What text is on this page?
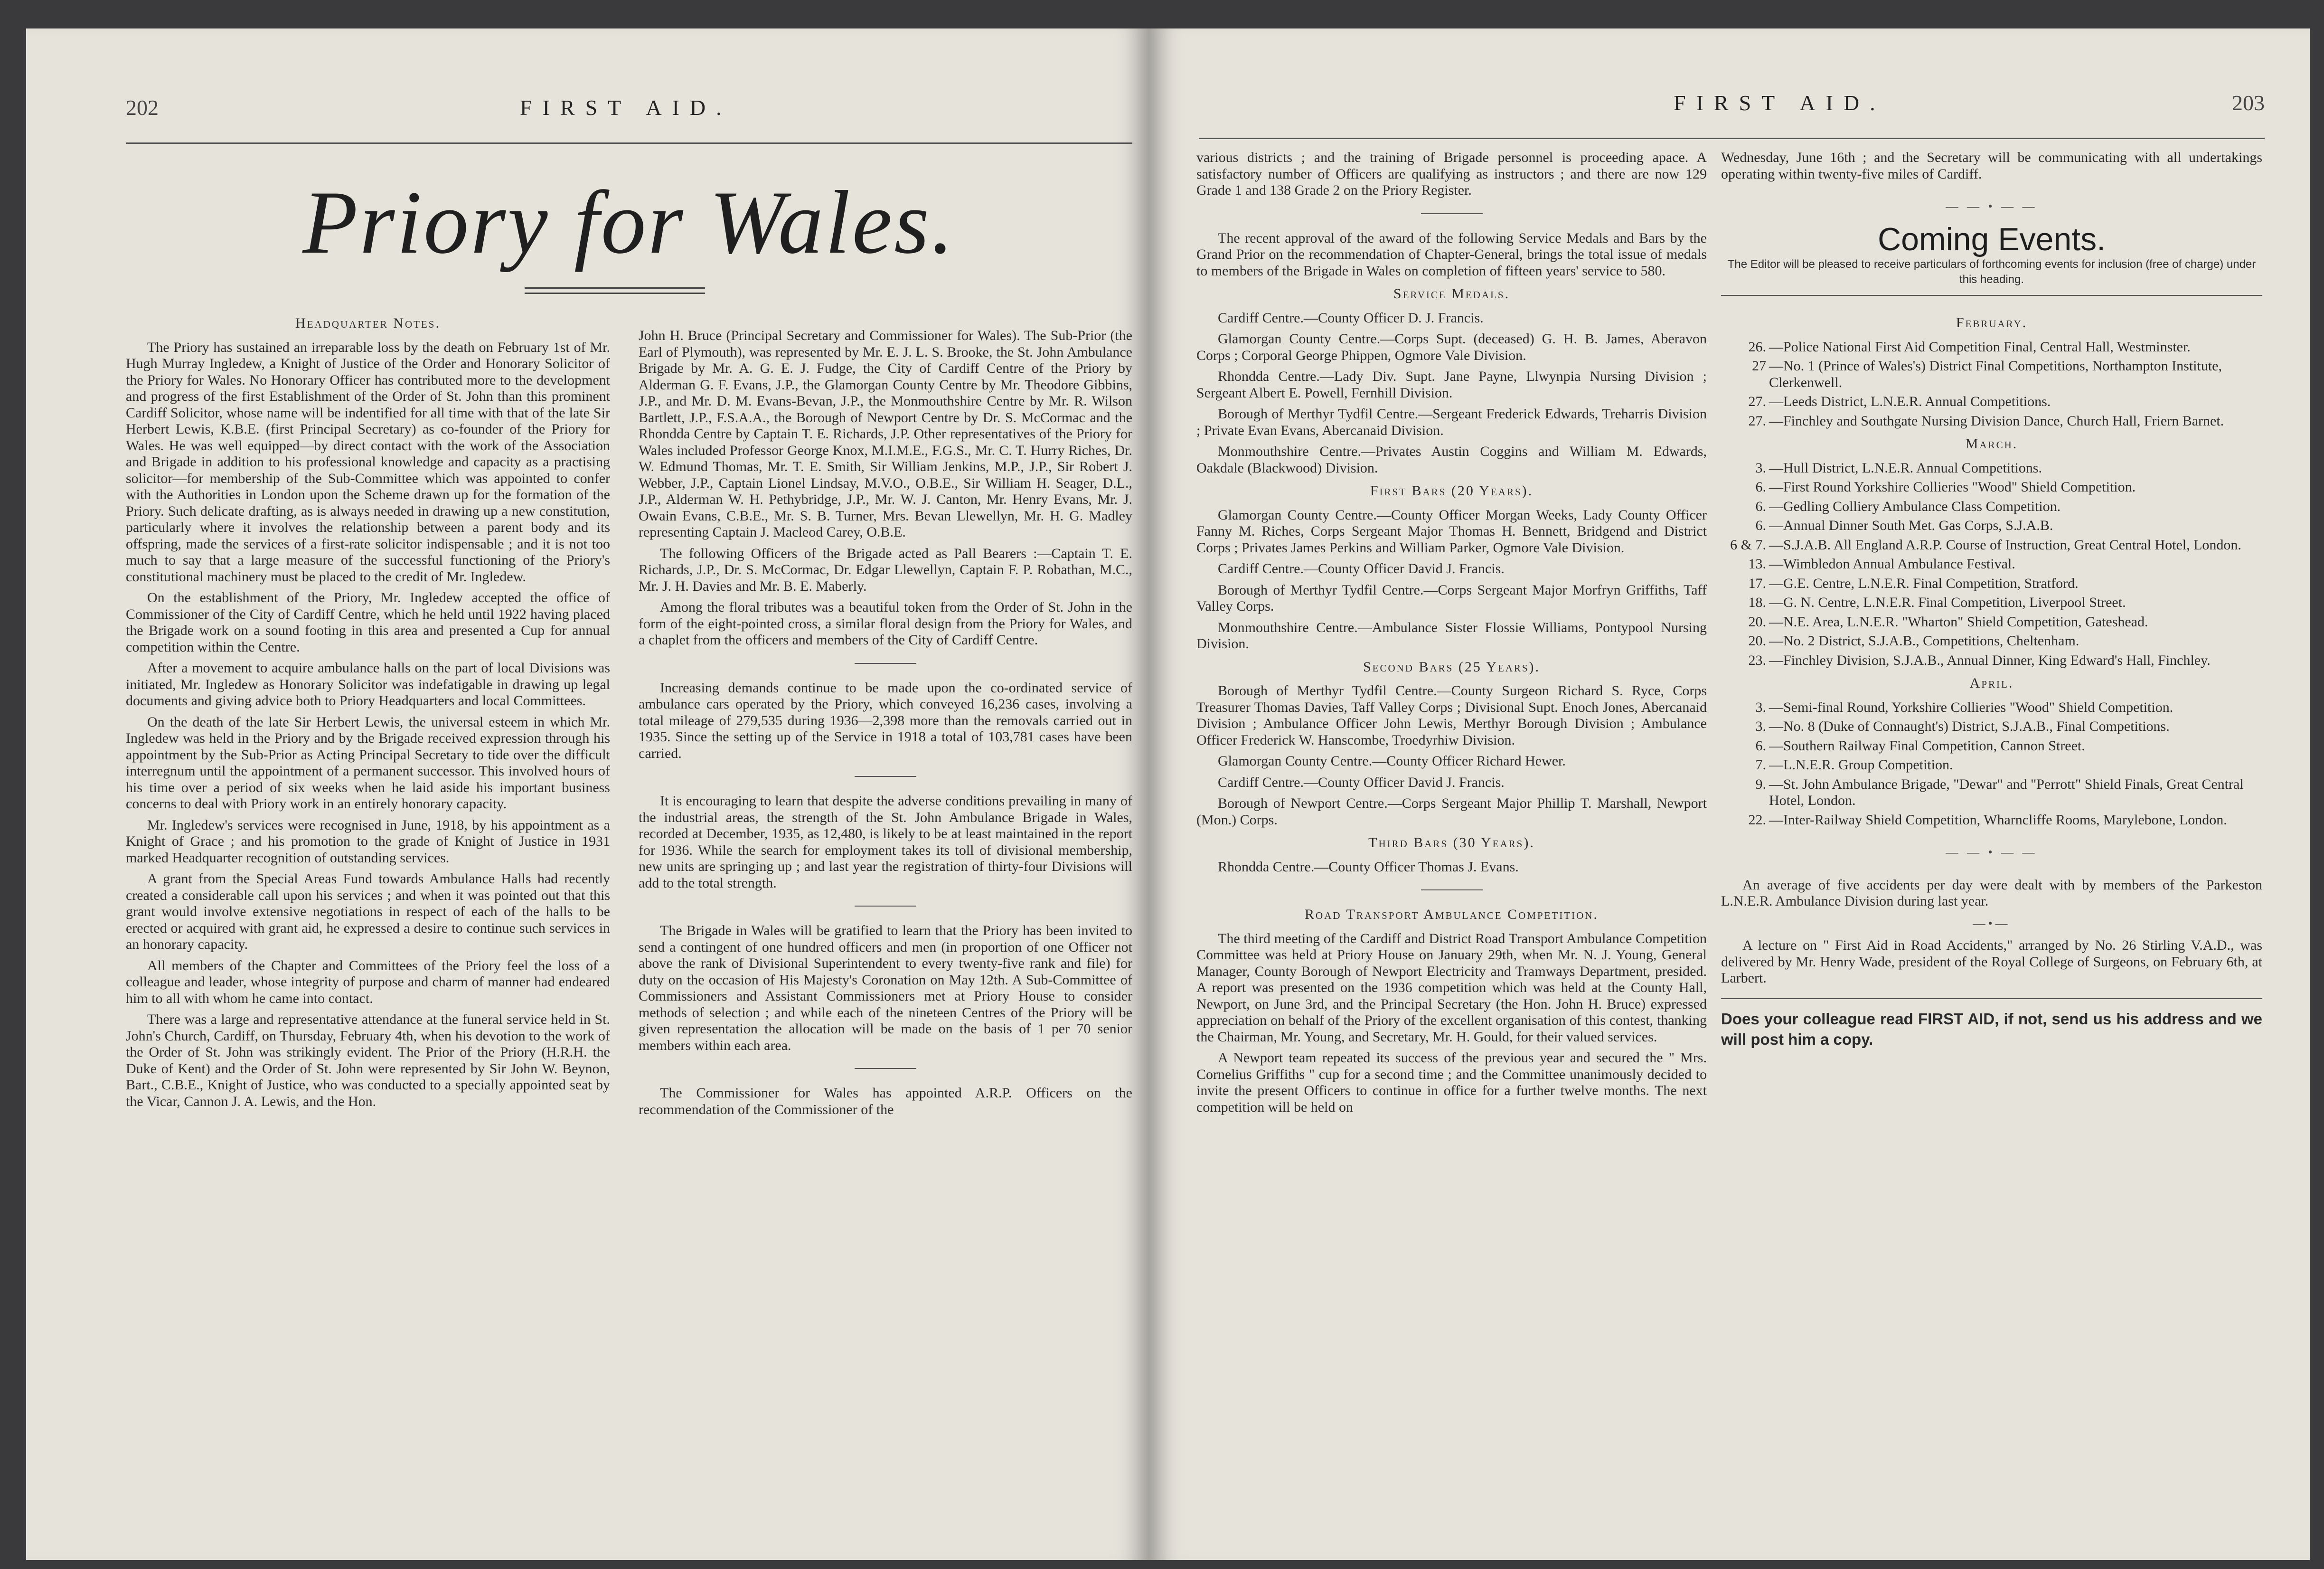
202	FIRST AID.
Priory for Wales.
Headquarter Notes.

The Priory has sustained an irreparable loss by the death on February 1st of Mr. Hugh Murray Ingledew, a Knight of Justice of the Order and Honorary Solicitor of the Priory for Wales. No Honorary Officer has contributed more to the development and progress of the first Establishment of the Order of St. John than this prominent Cardiff Solicitor, whose name will be indentified for all time with that of the late Sir Herbert Lewis, K.B.E. (first Principal Secretary) as co-founder of the Priory for Wales. He was well equipped—by direct contact with the work of the Association and Brigade in addition to his professional knowledge and capacity as a practising solicitor—for membership of the Sub-Committee which was appointed to confer with the Authorities in London upon the Scheme drawn up for the formation of the Priory. Such delicate drafting, as is always needed in drawing up a new constitution, particularly where it involves the relationship between a parent body and its offspring, made the services of a first-rate solicitor indispensable ; and it is not too much to say that a large measure of the successful functioning of the Priory's constitutional machinery must be placed to the credit of Mr. Ingledew.

On the establishment of the Priory, Mr. Ingledew accepted the office of Commissioner of the City of Cardiff Centre, which he held until 1922 having placed the Brigade work on a sound footing in this area and presented a Cup for annual competition within the Centre.

After a movement to acquire ambulance halls on the part of local Divisions was initiated, Mr. Ingledew as Honorary Solicitor was indefatigable in drawing up legal documents and giving advice both to Priory Headquarters and local Committees.

On the death of the late Sir Herbert Lewis, the universal esteem in which Mr. Ingledew was held in the Priory and by the Brigade received expression through his appointment by the Sub-Prior as Acting Principal Secretary to tide over the difficult interregnum until the appointment of a permanent successor. This involved hours of his time over a period of six weeks when he laid aside his important business concerns to deal with Priory work in an entirely honorary capacity.

Mr. Ingledew's services were recognised in June, 1918, by his appointment as a Knight of Grace ; and his promotion to the grade of Knight of Justice in 1931 marked Headquarter recognition of outstanding services.

A grant from the Special Areas Fund towards Ambulance Halls had recently created a considerable call upon his services ; and when it was pointed out that this grant would involve extensive negotiations in respect of each of the halls to be erected or acquired with grant aid, he expressed a desire to continue such services in an honorary capacity.

All members of the Chapter and Committees of the Priory feel the loss of a colleague and leader, whose integrity of purpose and charm of manner had endeared him to all with whom he came into contact.

There was a large and representative attendance at the funeral service held in St. John's Church, Cardiff, on Thursday, February 4th, when his devotion to the work of the Order of St. John was strikingly evident. The Prior of the Priory (H.R.H. the Duke of Kent) and the Order of St. John were represented by Sir John W. Beynon, Bart., C.B.E., Knight of Justice, who was conducted to a specially appointed seat by the Vicar, Cannon J. A. Lewis, and the Hon.

John H. Bruce (Principal Secretary and Commissioner for Wales). The Sub-Prior (the Earl of Plymouth), was represented by Mr. E. J. L. S. Brooke, the St. John Ambulance Brigade by Mr. A. G. E. J. Fudge, the City of Cardiff Centre of the Priory by Alderman G. F. Evans, J.P., the Glamorgan County Centre by Mr. Theodore Gibbins, J.P., and Mr. D. M. Evans-Bevan, J.P., the Monmouthshire Centre by Mr. R. Wilson Bartlett, J.P., F.S.A.A., the Borough of Newport Centre by Dr. S. McCormac and the Rhondda Centre by Captain T. E. Richards, J.P. Other representatives of the Priory for Wales included Professor George Knox, M.I.M.E., F.G.S., Mr. C. T. Hurry Riches, Dr. W. Edmund Thomas, Mr. T. E. Smith, Sir William Jenkins, M.P., J.P., Sir Robert J. Webber, J.P., Captain Lionel Lindsay, M.V.O., O.B.E., Sir William H. Seager, D.L., J.P., Alderman W. H. Pethybridge, J.P., Mr. W. J. Canton, Mr. Henry Evans, Mr. J. Owain Evans, C.B.E., Mr. S. B. Turner, Mrs. Bevan Llewellyn, Mr. H. G. Madley representing Captain J. Macleod Carey, O.B.E.

The following Officers of the Brigade acted as Pall Bearers :—Captain T. E. Richards, J.P., Dr. S. McCormac, Dr. Edgar Llewellyn, Captain F. P. Robathan, M.C., Mr. J. H. Davies and Mr. B. E. Maberly.

Among the floral tributes was a beautiful token from the Order of St. John in the form of the eight-pointed cross, a similar floral design from the Priory for Wales, and a chaplet from the officers and members of the City of Cardiff Centre.

Increasing demands continue to be made upon the co-ordinated service of ambulance cars operated by the Priory, which conveyed 16,236 cases, involving a total mileage of 279,535 during 1936—2,398 more than the removals carried out in 1935. Since the setting up of the Service in 1918 a total of 103,781 cases have been carried.

It is encouraging to learn that despite the adverse conditions prevailing in many of the industrial areas, the strength of the St. John Ambulance Brigade in Wales, recorded at December, 1935, as 12,480, is likely to be at least maintained in the report for 1936. While the search for employment takes its toll of divisional membership, new units are springing up ; and last year the registration of thirty-four Divisions will add to the total strength.

The Brigade in Wales will be gratified to learn that the Priory has been invited to send a contingent of one hundred officers and men (in proportion of one Officer not above the rank of Divisional Superintendent to every twenty-five rank and file) for duty on the occasion of His Majesty's Coronation on May 12th. A Sub-Committee of Commissioners and Assistant Commissioners met at Priory House to consider methods of selection ; and while each of the nineteen Centres of the Priory will be given representation the allocation will be made on the basis of 1 per 70 senior members within each area.

The Commissioner for Wales has appointed A.R.P. Officers on the recommendation of the Commissioner of the

FIRST AID.	203

various districts ; and the training of Brigade personnel is proceeding apace. A satisfactory number of Officers are qualifying as instructors ; and there are now 129 Grade 1 and 138 Grade 2 on the Priory Register.

The recent approval of the award of the following Service Medals and Bars by the Grand Prior on the recommendation of Chapter-General, brings the total issue of medals to members of the Brigade in Wales on completion of fifteen years' service to 580.

Service Medals.

Cardiff Centre.—County Officer D. J. Francis.

Glamorgan County Centre.—Corps Supt. (deceased) G. H. B. James, Aberavon Corps ; Corporal George Phippen, Ogmore Vale Division.

Rhondda Centre.—Lady Div. Supt. Jane Payne, Llwynpia Nursing Division ; Sergeant Albert E. Powell, Fernhill Division.

Borough of Merthyr Tydfil Centre.—Sergeant Frederick Edwards, Treharris Division ; Private Evan Evans, Abercanaid Division.

Monmouthshire Centre.—Privates Austin Coggins and William M. Edwards, Oakdale (Blackwood) Division.

First Bars (20 Years).

Glamorgan County Centre.—County Officer Morgan Weeks, Lady County Officer Fanny M. Riches, Corps Sergeant Major Thomas H. Bennett, Bridgend and District Corps ; Privates James Perkins and William Parker, Ogmore Vale Division.

Cardiff Centre.—County Officer David J. Francis.

Borough of Merthyr Tydfil Centre.—Corps Sergeant Major Morfryn Griffiths, Taff Valley Corps.

Monmouthshire Centre.—Ambulance Sister Flossie Williams, Pontypool Nursing Division.

Second Bars (25 Years).

Borough of Merthyr Tydfil Centre.—County Surgeon Richard S. Ryce, Corps Treasurer Thomas Davies, Taff Valley Corps ; Divisional Supt. Enoch Jones, Abercanaid Division ; Ambulance Officer John Lewis, Merthyr Borough Division ; Ambulance Officer Frederick W. Hanscombe, Troedyrhiw Division.

Glamorgan County Centre.—County Officer Richard Hewer.

Cardiff Centre.—County Officer David J. Francis.

Borough of Newport Centre.—Corps Sergeant Major Phillip T. Marshall, Newport (Mon.) Corps.

Third Bars (30 Years).

Rhondda Centre.—County Officer Thomas J. Evans.

Road Transport Ambulance Competition.

The third meeting of the Cardiff and District Road Transport Ambulance Competition Committee was held at Priory House on January 29th, when Mr. N. J. Young, General Manager, County Borough of Newport Electricity and Tramways Department, presided. A report was presented on the 1936 competition which was held at the County Hall, Newport, on June 3rd, and the Principal Secretary (the Hon. John H. Bruce) expressed appreciation on behalf of the Priory of the excellent organisation of this contest, thanking the Chairman, Mr. Young, and Secretary, Mr. H. Gould, for their valued services.

A Newport team repeated its success of the previous year and secured the " Mrs. Cornelius Griffiths " cup for a second time ; and the Committee unanimously decided to invite the present Officers to continue in office for a further twelve months. The next competition will be held on

Wednesday, June 16th ; and the Secretary will be communicating with all undertakings operating within twenty-five miles of Cardiff.

— — • — —
Coming Events.
The Editor will be pleased to receive particulars of forthcoming events for inclusion (free of charge) under this heading.
February.
26. —Police National First Aid Competition Final, Central Hall, Westminster.
27 —No. 1 (Prince of Wales's) District Final Competitions, Northampton Institute, Clerkenwell.
27. —Leeds District, L.N.E.R. Annual Competitions.
27. —Finchley and Southgate Nursing Division Dance, Church Hall, Friern Barnet.
March.
3. —Hull District, L.N.E.R. Annual Competitions.
6. —First Round Yorkshire Collieries "Wood" Shield Competition.
6. —Gedling Colliery Ambulance Class Competition.
6. —Annual Dinner South Met. Gas Corps, S.J.A.B.
6 & 7. —S.J.A.B. All England A.R.P. Course of Instruction, Great Central Hotel, London.
13. —Wimbledon Annual Ambulance Festival.
17. —G.E. Centre, L.N.E.R. Final Competition, Stratford.
18. —G. N. Centre, L.N.E.R. Final Competition, Liverpool Street.
20. —N.E. Area, L.N.E.R. "Wharton" Shield Competition, Gateshead.
20. —No. 2 District, S.J.A.B., Competitions, Cheltenham.
23. —Finchley Division, S.J.A.B., Annual Dinner, King Edward's Hall, Finchley.
April.
3. —Semi-final Round, Yorkshire Collieries "Wood" Shield Competition.
3. —No. 8 (Duke of Connaught's) District, S.J.A.B., Final Competitions.
6. —Southern Railway Final Competition, Cannon Street.
7. —L.N.E.R. Group Competition.
9. —St. John Ambulance Brigade, "Dewar" and "Perrott" Shield Finals, Great Central Hotel, London.
22. —Inter-Railway Shield Competition, Wharncliffe Rooms, Marylebone, London.
— — • — —

An average of five accidents per day were dealt with by members of the Parkeston L.N.E.R. Ambulance Division during last year.

—•—

A lecture on " First Aid in Road Accidents," arranged by No. 26 Stirling V.A.D., was delivered by Mr. Henry Wade, president of the Royal College of Surgeons, on February 6th, at Larbert.

Does your colleague read FIRST AID, if not, send us his address and we will post him a copy.
